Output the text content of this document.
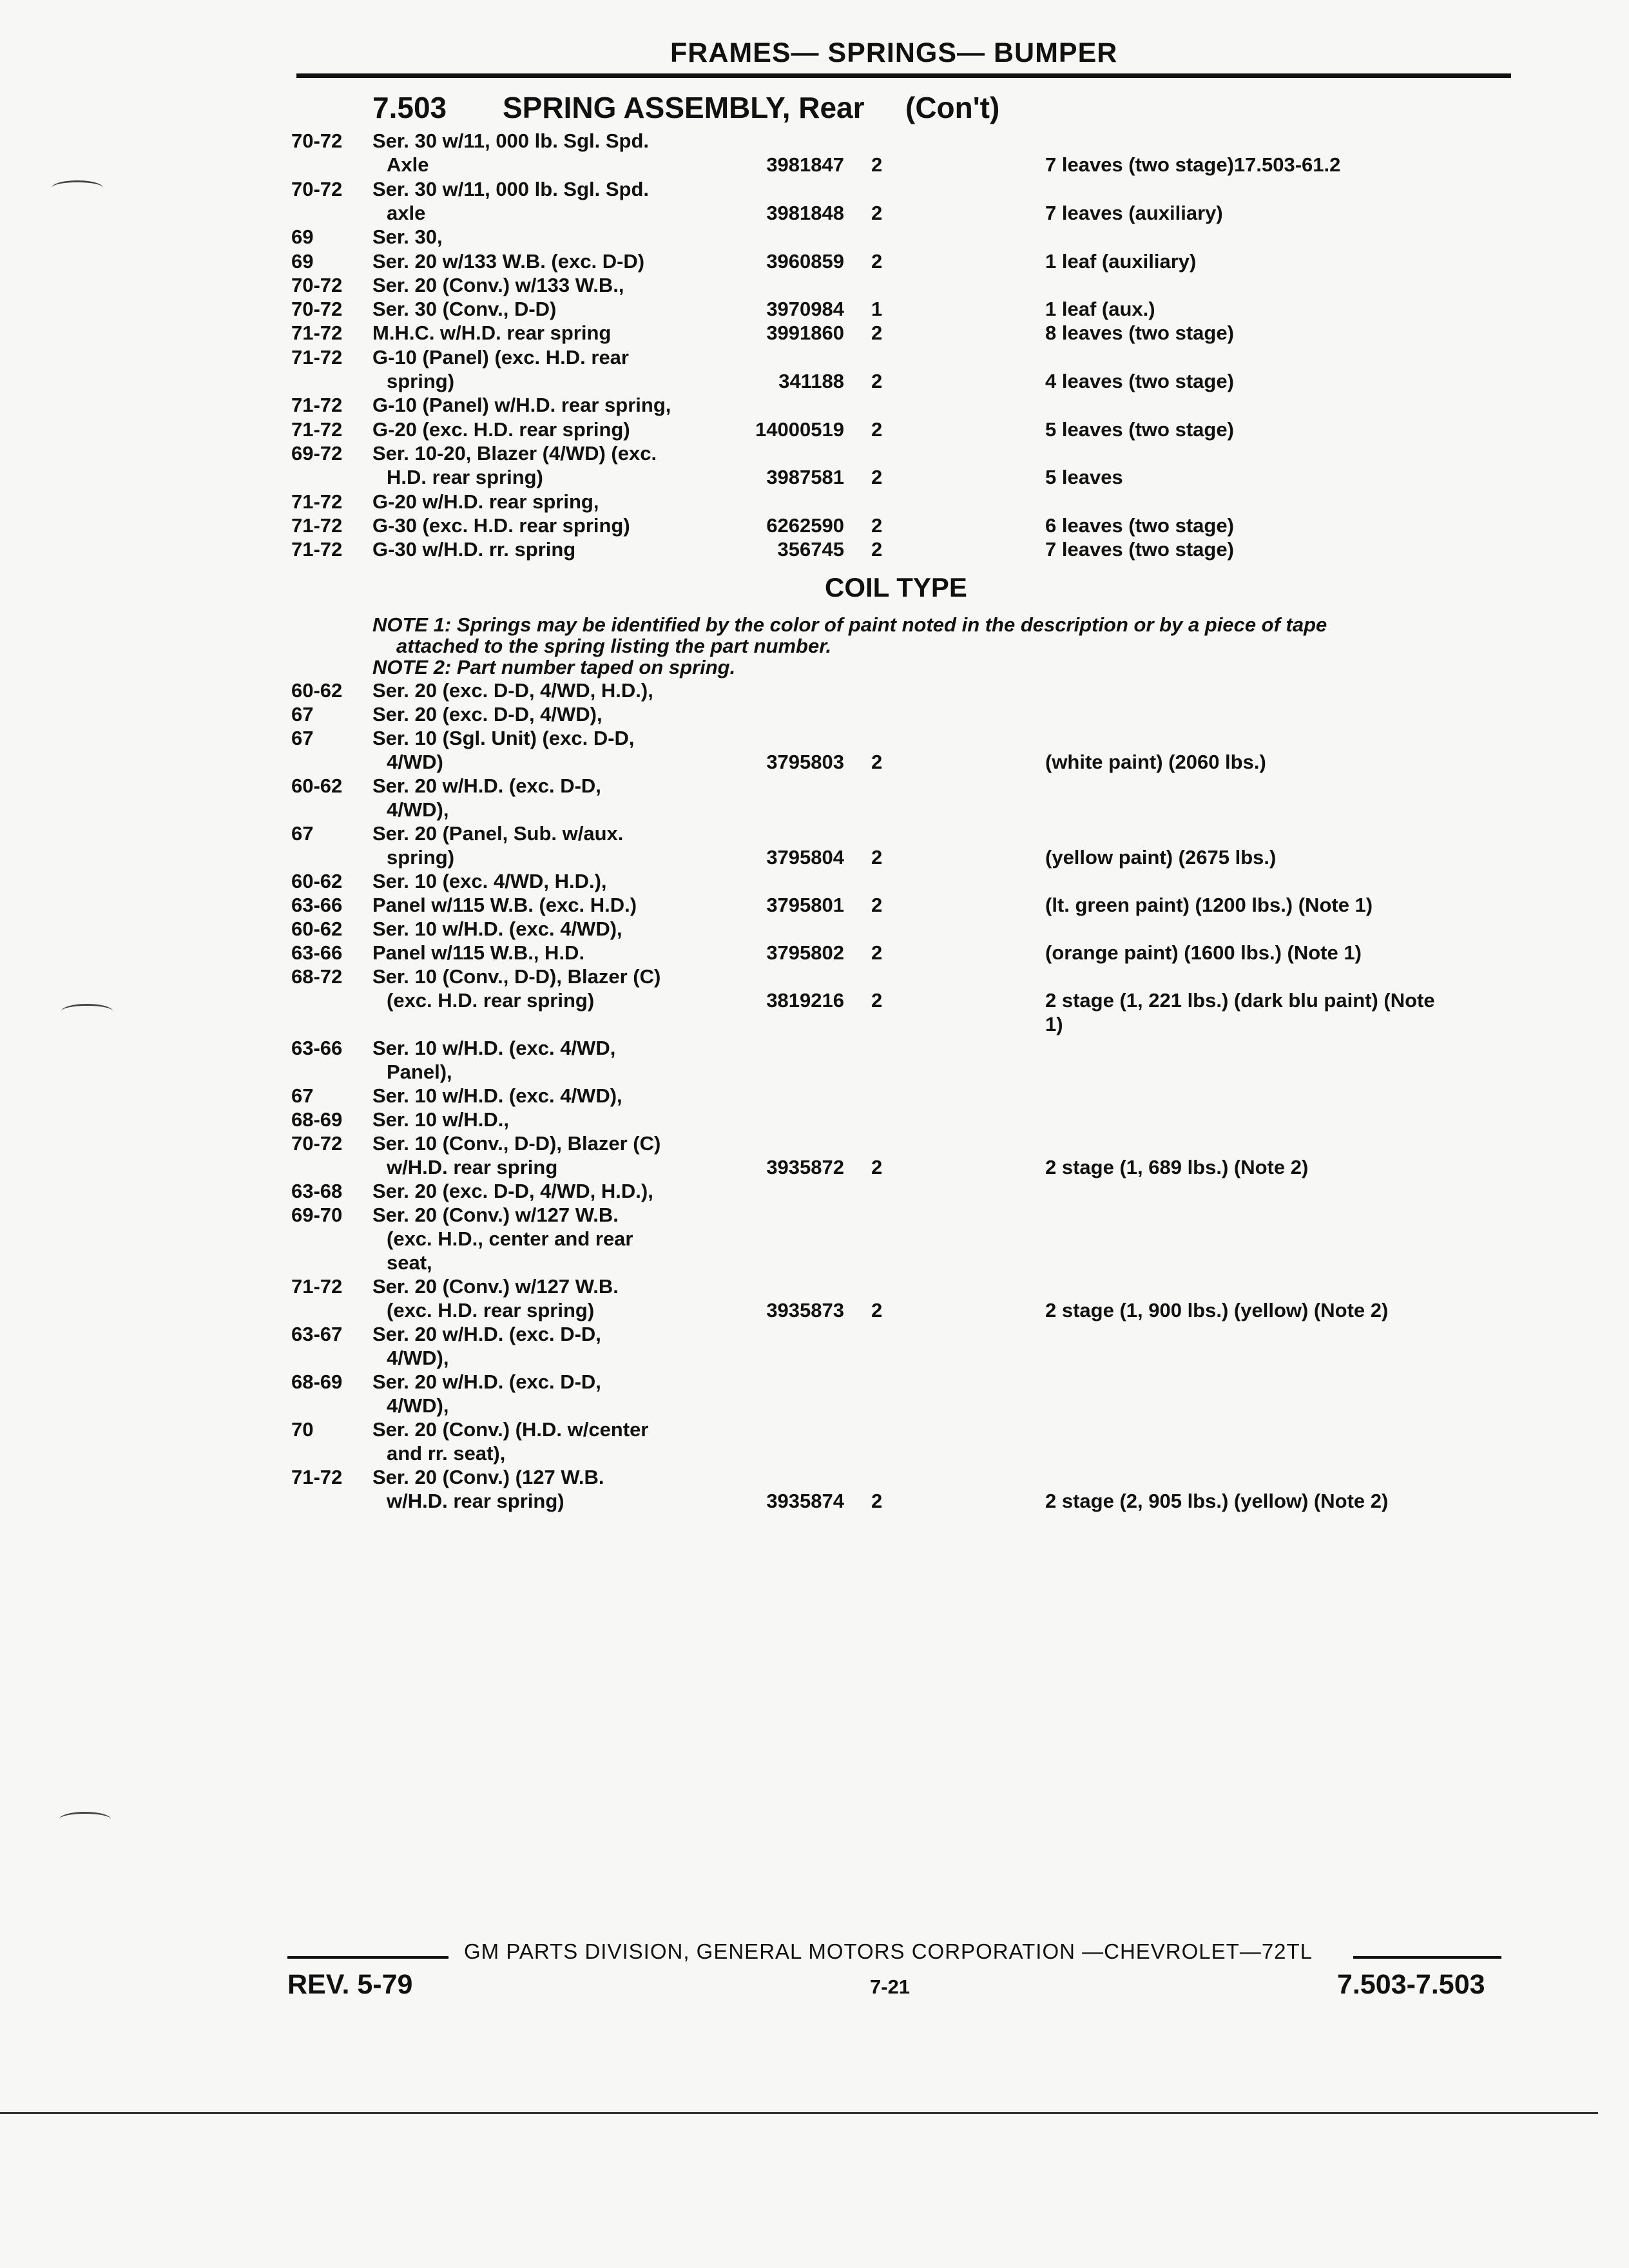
FRAMES— SPRINGS— BUMPER
7.503 SPRING ASSEMBLY, Rear (Con't)
70-72	Ser. 30 w/11, 000 lb. Sgl. Spd.
Axle	3981847 2	7 leaves (two stage)17.503-61.2
70-72	Ser. 30 w/11, 000 lb. Sgl. Spd.
axle	3981848 2	7 leaves (auxiliary)
69	Ser. 30,
69	Ser. 20 w/133 W.B. (exc. D-D)	3960859 2	1 leaf (auxiliary)
70-72	Ser. 20 (Conv.) w/133 W.B.,
70-72	Ser. 30 (Conv., D-D)	3970984 1	1 leaf (aux.)
71-72	M.H.C. w/H.D. rear spring	3991860 2	8 leaves (two stage)
71-72	G-10 (Panel) (exc. H.D. rear
spring)	341188 2	4 leaves (two stage)
71-72	G-10 (Panel) w/H.D. rear spring,
71-72	G-20 (exc. H.D. rear spring)	14000519 2	5 leaves (two stage)
69-72	Ser. 10-20, Blazer (4/WD) (exc.
H.D. rear spring)	3987581 2	5 leaves
71-72	G-20 w/H.D. rear spring,
71-72	G-30 (exc. H.D. rear spring)	6262590 2	6 leaves (two stage)
71-72	G-30 w/H.D. rr. spring	356745 2	7 leaves (two stage)
COIL TYPE
NOTE 1: Springs may be identified by the color of paint noted in the description or by a piece of tape
attached to the spring listing the part number.
NOTE 2: Part number taped on spring.
60-62	Ser. 20 (exc. D-D, 4/WD, H.D.),
67	Ser. 20 (exc. D-D, 4/WD),
67	Ser. 10 (Sgl. Unit) (exc. D-D,
4/WD)	3795803 2	(white paint) (2060 lbs.)
60-62	Ser. 20 w/H.D. (exc. D-D,
4/WD),
67	Ser. 20 (Panel, Sub. w/aux.
spring)	3795804 2	(yellow paint) (2675 lbs.)
60-62	Ser. 10 (exc. 4/WD, H.D.),
63-66	Panel w/115 W.B. (exc. H.D.)	3795801 2	(lt. green paint) (1200 lbs.) (Note 1)
60-62	Ser. 10 w/H.D. (exc. 4/WD),
63-66	Panel w/115 W.B., H.D.	3795802 2	(orange paint) (1600 lbs.) (Note 1)
68-72	Ser. 10 (Conv., D-D), Blazer (C)
(exc. H.D. rear spring)	3819216 2	2 stage (1, 221 lbs.) (dark blu paint) (Note
1)
63-66	Ser. 10 w/H.D. (exc. 4/WD,
Panel),
67	Ser. 10 w/H.D. (exc. 4/WD),
68-69	Ser. 10 w/H.D.,
70-72	Ser. 10 (Conv., D-D), Blazer (C)
w/H.D. rear spring	3935872 2	2 stage (1, 689 lbs.) (Note 2)
63-68	Ser. 20 (exc. D-D, 4/WD, H.D.),
69-70	Ser. 20 (Conv.) w/127 W.B.
(exc. H.D., center and rear
seat,
71-72	Ser. 20 (Conv.) w/127 W.B.
(exc. H.D. rear spring)	3935873 2	2 stage (1, 900 lbs.) (yellow) (Note 2)
63-67	Ser. 20 w/H.D. (exc. D-D,
4/WD),
68-69	Ser. 20 w/H.D. (exc. D-D,
4/WD),
70	Ser. 20 (Conv.) (H.D. w/center
and rr. seat),
71-72	Ser. 20 (Conv.) (127 W.B.
w/H.D. rear spring)	3935874 2	2 stage (2, 905 lbs.) (yellow) (Note 2)
GM PARTS DIVISION, GENERAL MOTORS CORPORATION —CHEVROLET—72TL
REV. 5-79	7-21	7.503-7.503
